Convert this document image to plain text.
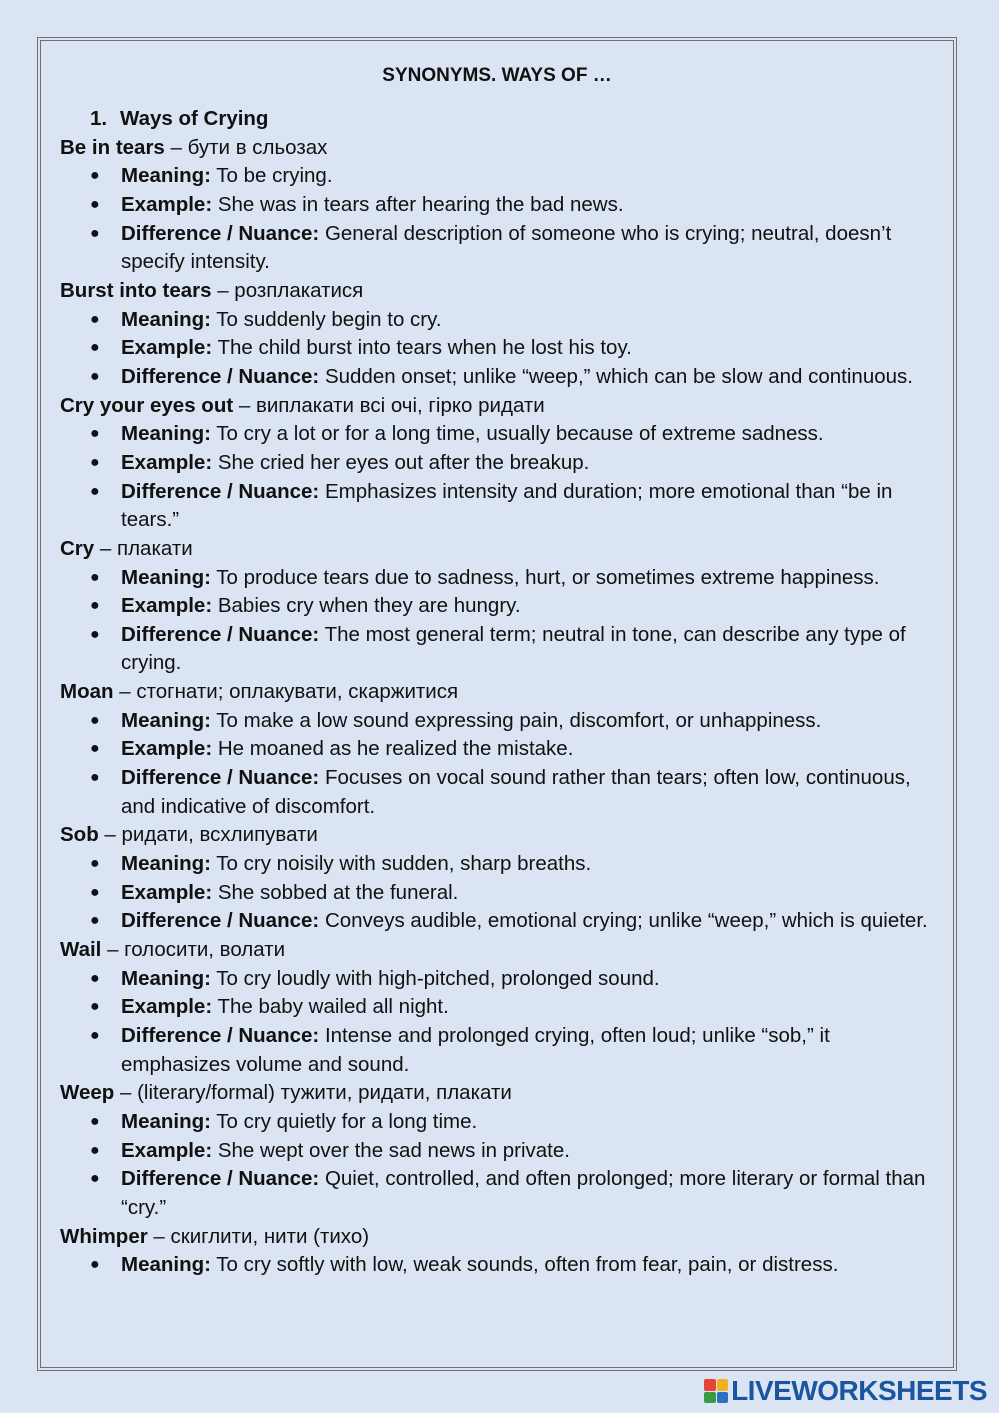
SYNONYMS. WAYS OF …
1. Ways of Crying
Be in tears – бути в сльозах
● Meaning: To be crying.
● Example: She was in tears after hearing the bad news.
● Difference / Nuance: General description of someone who is crying; neutral, doesn’t specify intensity.
Burst into tears – розплакатися
● Meaning: To suddenly begin to cry.
● Example: The child burst into tears when he lost his toy.
● Difference / Nuance: Sudden onset; unlike “weep,” which can be slow and continuous.
Cry your eyes out – виплакати всі очі, гірко ридати
● Meaning: To cry a lot or for a long time, usually because of extreme sadness.
● Example: She cried her eyes out after the breakup.
● Difference / Nuance: Emphasizes intensity and duration; more emotional than “be in tears.”
Cry – плакати
● Meaning: To produce tears due to sadness, hurt, or sometimes extreme happiness.
● Example: Babies cry when they are hungry.
● Difference / Nuance: The most general term; neutral in tone, can describe any type of crying.
Moan – стогнати; оплакувати, скаржитися
● Meaning: To make a low sound expressing pain, discomfort, or unhappiness.
● Example: He moaned as he realized the mistake.
● Difference / Nuance: Focuses on vocal sound rather than tears; often low, continuous, and indicative of discomfort.
Sob – ридати, всхлипувати
● Meaning: To cry noisily with sudden, sharp breaths.
● Example: She sobbed at the funeral.
● Difference / Nuance: Conveys audible, emotional crying; unlike “weep,” which is quieter.
Wail – голосити, волати
● Meaning: To cry loudly with high-pitched, prolonged sound.
● Example: The baby wailed all night.
● Difference / Nuance: Intense and prolonged crying, often loud; unlike “sob,” it emphasizes volume and sound.
Weep – (literary/formal) тужити, ридати, плакати
● Meaning: To cry quietly for a long time.
● Example: She wept over the sad news in private.
● Difference / Nuance: Quiet, controlled, and often prolonged; more literary or formal than “cry.”
Whimper – скиглити, нити (тихо)
● Meaning: To cry softly with low, weak sounds, often from fear, pain, or distress.
LIVEWORKSHEETS
